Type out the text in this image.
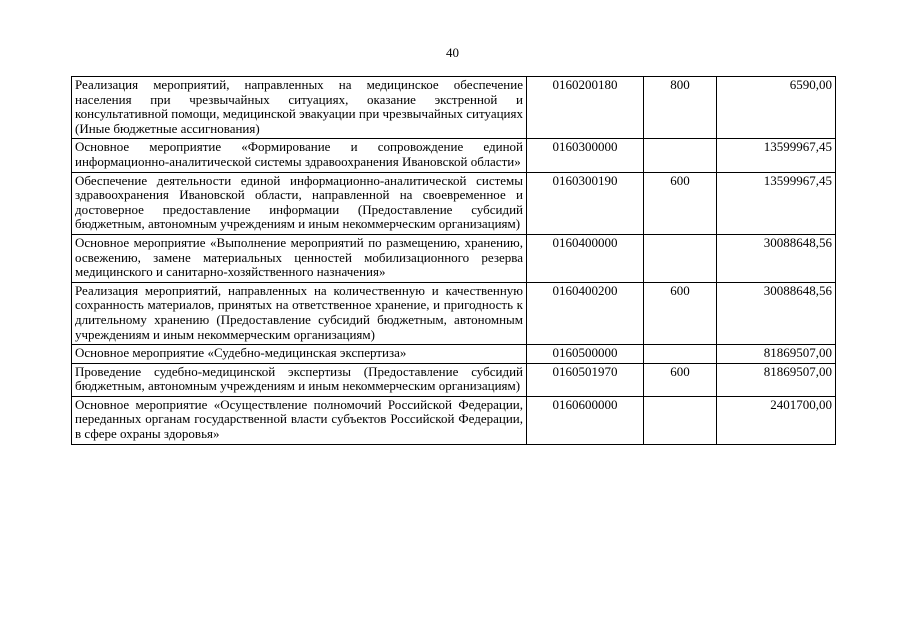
40
Реализация мероприятий, направленных на медицинское обеспечение населения при чрезвычайных ситуациях, оказание экстренной и консультативной помощи, медицинской эвакуации при чрезвычайных ситуациях (Иные бюджетные ассигнования)	0160200180	800	6590,00
Основное мероприятие «Формирование и сопровождение единой информационно-аналитической системы здравоохранения Ивановской области»	0160300000		13599967,45
Обеспечение деятельности единой информационно-аналитической системы здравоохранения Ивановской области, направленной на своевременное и достоверное предоставление информации (Предоставление субсидий бюджетным, автономным учреждениям и иным некоммерческим организациям)	0160300190	600	13599967,45
Основное мероприятие «Выполнение мероприятий по размещению, хранению, освежению, замене материальных ценностей мобилизационного резерва медицинского и санитарно-хозяйственного назначения»	0160400000		30088648,56
Реализация мероприятий, направленных на количественную и качественную сохранность материалов, принятых на ответственное хранение, и пригодность к длительному хранению (Предоставление субсидий бюджетным, автономным учреждениям и иным некоммерческим организациям)	0160400200	600	30088648,56
Основное мероприятие «Судебно-медицинская экспертиза»	0160500000		81869507,00
Проведение судебно-медицинской экспертизы (Предоставление субсидий бюджетным, автономным учреждениям и иным некоммерческим организациям)	0160501970	600	81869507,00
Основное мероприятие «Осуществление полномочий Российской Федерации, переданных органам государственной власти субъектов Российской Федерации, в сфере охраны здоровья»	0160600000		2401700,00
